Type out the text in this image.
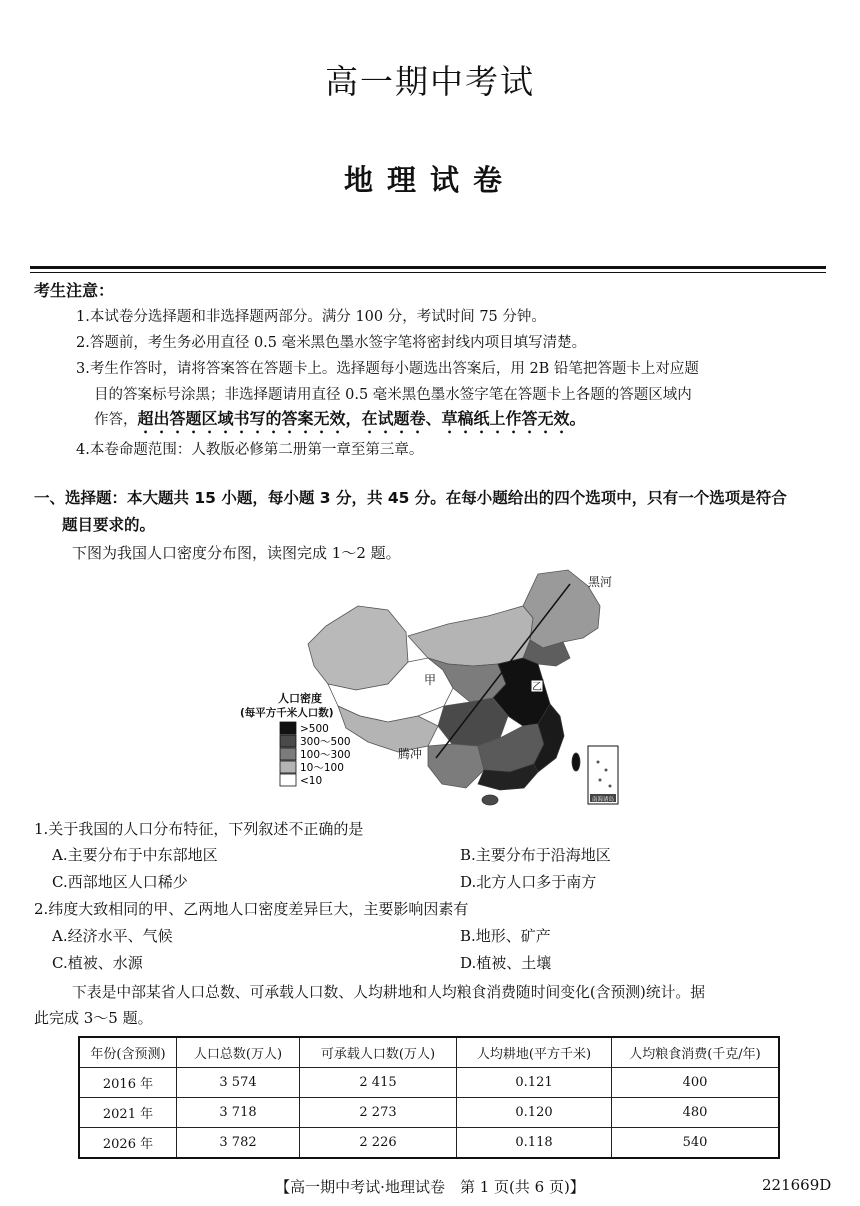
高一期中考试
地理试卷
考生注意：
1.本试卷分选择题和非选择题两部分。满分 100 分，考试时间 75 分钟。
2.答题前，考生务必用直径 0.5 毫米黑色墨水签字笔将密封线内项目填写清楚。
3.考生作答时，请将答案答在答题卡上。选择题每小题选出答案后，用 2B 铅笔把答题卡上对应题
目的答案标号涂黑；非选择题请用直径 0.5 毫米黑色墨水签字笔在答题卡上各题的答题区域内
作答，超出答题区域书写的答案无效，在试题卷、草稿纸上作答无效。
4.本卷命题范围：人教版必修第二册第一章至第三章。
一、选择题：本大题共 15 小题，每小题 3 分，共 45 分。在每小题给出的四个选项中，只有一个选项是符合
题目要求的。
下图为我国人口密度分布图，读图完成 1～2 题。
黑河
腾冲
甲
乙
人口密度
(每平方千米人口数)
>500
300～500
100～300
10～100
<10
南海诸岛
1.关于我国的人口分布特征，下列叙述不正确的是
A.主要分布于中东部地区	B.主要分布于沿海地区
C.西部地区人口稀少	D.北方人口多于南方
2.纬度大致相同的甲、乙两地人口密度差异巨大，主要影响因素有
A.经济水平、气候	B.地形、矿产
C.植被、水源	D.植被、土壤
下表是中部某省人口总数、可承载人口数、人均耕地和人均粮食消费随时间变化(含预测)统计。据
此完成 3～5 题。
年份(含预测)	人口总数(万人)	可承载人口数(万人)	人均耕地(平方千米)	人均粮食消费(千克/年)
2016 年	3 574	2 415	0.121	400
2021 年	3 718	2 273	0.120	480
2026 年	3 782	2 226	0.118	540
【高一期中考试·地理试卷　第 1 页(共 6 页)】	221669D
